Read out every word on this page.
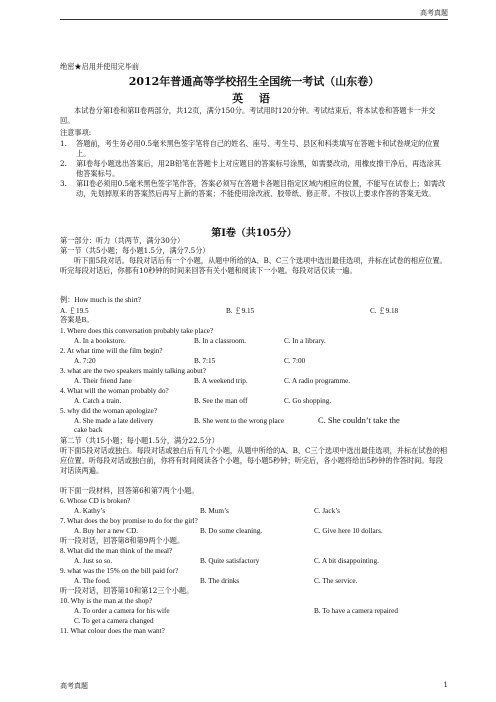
高考真题
绝密★启用并使用完毕前
2012年普通高等学校招生全国统一考试（山东卷）
英 语
本试卷分第I卷和第II卷两部分，共12页，满分150分。考试用时120分钟。考试结束后，将本试卷和答题卡一并交回。
注意事项:
1. 答题前，考生务必用0.5毫米黑色签字笔将自己的姓名、座号、考生号、县区和科类填写在答题卡和试卷规定的位置上。
2. 第I卷每小题选出答案后，用2B铅笔在答题卡上对应题目的答案标号涂黑，如需要改动，用橡皮擦干净后，再选涂其他答案标号。
3. 第II卷必须用0.5毫米黑色签字笔作答，答案必须写在答题卡各题目指定区域内相应的位置，不能写在试卷上；如需改动，先划掉原来的答案然后再写上新的答案；不能使用涂改液、胶带纸、修正带。不按以上要求作答的答案无效。
第I卷（共105分）
第一部分：听力（共两节，满分30分）
第一节（共5小题；每小题1.5分，满分7.5分）
听下面5段对话。每段对话后有一个小题，从题中所给的A、B、C三个选项中选出最佳选项，并标在试卷的相应位置。听完每段对话后，你都有10秒钟的时间来回答有关小题和阅读下一小题。每段对话仅读一遍。
例：How much is the shirt?
A. ￡19.5	B. ￡9.15	C. ￡9.18
答案是B。
1. Where does this conversation probably take place?
A. In a bookstore.	B. In a classroom.	C. In a library.
2. At what time will the film begin?
A. 7:20	B. 7:15	C. 7:00
3. what are the two speakers mainly talking aobut?
A. Their friend Jane	B. A weekend trip.	C. A radio programme.
4. What will the woman probably do?
A. Catch a train.	B. See the man off	C. Go shopping.
5. why did the woman apologize?
A. She made a late delivery	B. She went to the wrong place	C. She couldn’t take the
cake back
第二节（共15小题；每小题1.5分，满分22.5分）
听下面5段对话或独白。每段对话或独白后有几个小题，从题中所给的A、B、C三个选项中选出最佳选项，并标在试卷的相应位置。听每段对话或独白前，你将有时间阅读各个小题，每小题5秒钟；听完后，各小题将给出5秒钟的作答时间。每段对话读两遍。
听下面一段材料，回答第6和第7两个小题。
6. Whose CD is broken?
A. Kathy’s	B. Mum’s	C. Jack’s
7. What does the boy promise to do for the girl?
A. Buy her a new CD.	B. Do some cleaning.	C. Give here 10 dollars.
听一段对话，回答第8和第9两个小题。
8. What did the man think of the meal?
A. Just so so.	B. Quite satisfactory	C. A bit disappointing.
9. what was the 15% on the bill paid for?
A. The food.	B. The drinks	C. The service.
听一段对话，回答第10和第12三个小题。
10. Why is the man at the shop?
A. To order a camera for his wife	B. To have a camera repaired
C. To get a camera changed
11. What colour does the man want?
高考真题	1
